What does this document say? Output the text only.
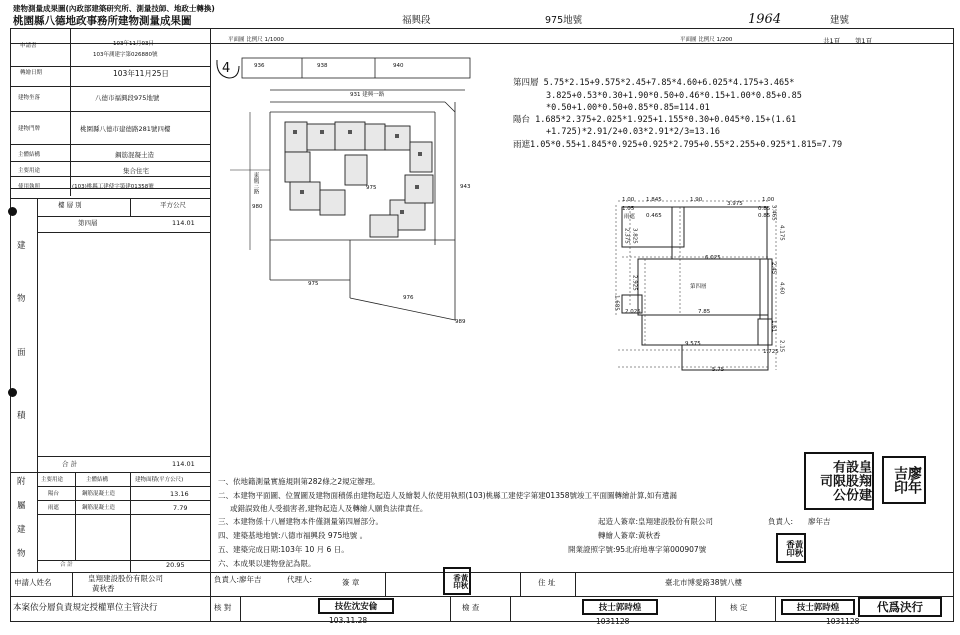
建物測量成果圖(內政部建築研究所、測量技師、地政士轉換)
桃園縣八德地政事務所建物測量成果圖	福興段	975地號	1964	建號
平面圖 比例尺 1/1000	平面圖 比例尺 1/200	共1頁 第1頁
申請書	103年11月03日
103年測建字第026880號
轉繪日期	103年11月25日
建物坐落	八德市福興段975地號
建物門牌	桃園縣八德市建德路281號四樓
主體結構	鋼筋混凝土造
主要用途	集合住宅
使用執照	(103)桃縣工建使字第建01358號
樓 層 別	平方公尺
第四層	114.01
建
物
面
積
合 計	114.01
附
屬
建
物
主要用途	主體結構	建物面積(平方公尺)
陽台	鋼筋混凝土造	13.16
雨遮	鋼筋混凝土造	7.79
合 計	20.95
4	936	938	940
931 建興一路
975
980
943
975
976
989
東側三路
第四層 5.75*2.15+9.575*2.45+7.85*4.60+6.025*4.175+3.465*
3.825+0.53*0.30+1.90*0.50+0.46*0.15+1.00*0.85+0.85
*0.50+1.00*0.50+0.85*0.85=114.01
陽台 1.685*2.375+2.025*1.925+1.155*0.30+0.045*0.15+(1.61
+1.725)*2.91/2+0.03*2.91*2/3=13.16
雨遮1.05*0.55+1.845*0.925+0.925*2.795+0.55*2.255+0.925*1.815=7.79
1.00 1.845	1.90
3.975
1.00
1.05
0.465
0.85
0.85
雨遮
6.025
第四層
1.685
2.025	7.85
9.575
5.75
1.725
4.175
3.465
4.60
2.45
1.61
2.15
2.375 3.825
2.925
一、依地籍測量實施規則第282條之2規定辦理。
二、本建物平面圖、位置圖及建物面積係由建物起造人及繪製人依使用執照(103)桃縣工建使字第建01358號竣工平面圖轉繪計算,如有遺漏
或錯誤致他人受損害者,建物起造人及轉繪人願負法律責任。
三、本建物係十八層建物本件僅測量第四層部分。
四、建築基地地號:八德市福興段 975地號 。
五、建築完成日期:103年 10 月 6 日。
六、本成果以建物登記為限。
起造人簽章:皇翔建設股份有限公司	負責人: 廖年吉
轉繪人簽章:黃秋香
開業證照字號:95北府地專字第000907號
皇翔建設股份有限公司	廖年吉印
黃秋香印
申請人姓名	皇翔建設股份有限公司
黃秋香
負責人:廖年吉	代理人:	簽 章	住 址	臺北市博愛路38號八樓
黃秋香印
本案依分層負責規定授權單位主管決行	核 對	技佐沈安倫
103.11.28
檢 查	技士郭時煌
1031128
核 定	技士郭時煌	代爲決行
1031128
